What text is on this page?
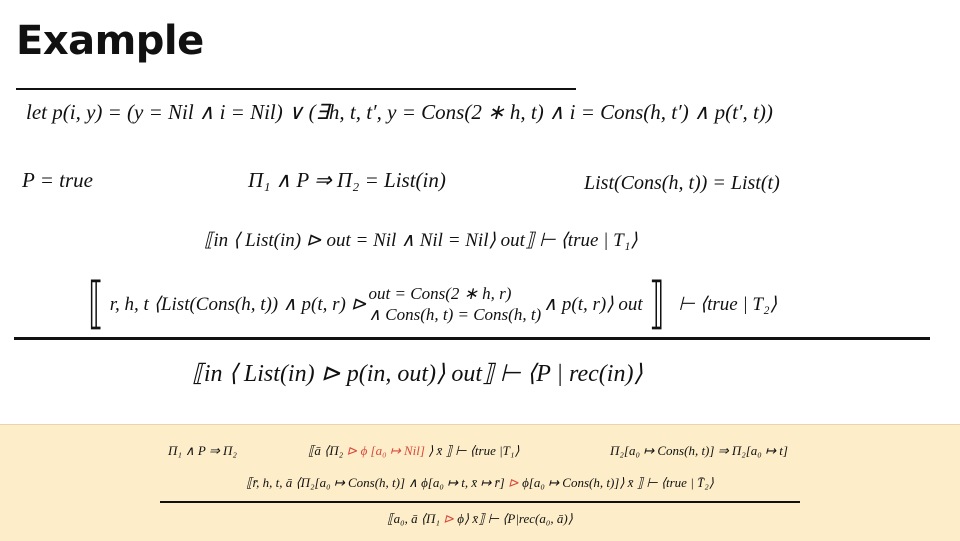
Example
let p(i, y) = (y = Nil ∧ i = Nil) ∨ (∃h, t, t′, y = Cons(2 ∗ h, t) ∧ i = Cons(h, t′) ∧ p(t′, t))
P = true	Π₁ ∧ P ⇒ Π₂ = List(in)	List(Cons(h, t)) = List(t)
⟦in ⟨ List(in) ⊳ out = Nil ∧ Nil = Nil⟩ out⟧ ⊢ ⟨true | T₁⟩
⟦ r, h, t ⟨List(Cons(h, t)) ∧ p(t, r) ⊳
out = Cons(2 ∗ h, r)
∧ Cons(h, t) = Cons(h, t) ∧ p(t, r)⟩ out ⟧ ⊢ ⟨true | T₂⟩
⟦in ⟨ List(in) ⊳ p(in, out)⟩ out⟧ ⊢ ⟨P | rec(in)⟩
Π₁ ∧ P ⇒ Π₂	⟦ā ⟨Π₂ ⊳ ϕ [a₀ ↦ Nil] ⟩ x̄ ⟧ ⊢ ⟨true |T₁⟩	Π₂[a₀ ↦ Cons(h, t)] ⇒ Π₂[a₀ ↦ t]
⟦r̄, h, t, ā ⟨Π₂[a₀ ↦ Cons(h, t)] ∧ ϕ[a₀ ↦ t, x̄ ↦ r̄] ⊳ ϕ[a₀ ↦ Cons(h, t)]⟩ x̄ ⟧ ⊢ ⟨true | T̄₂⟩
⟦a₀, ā ⟨Π₁ ⊳ ϕ⟩ x̄⟧ ⊢ ⟨P|rec(a₀, ā)⟩
